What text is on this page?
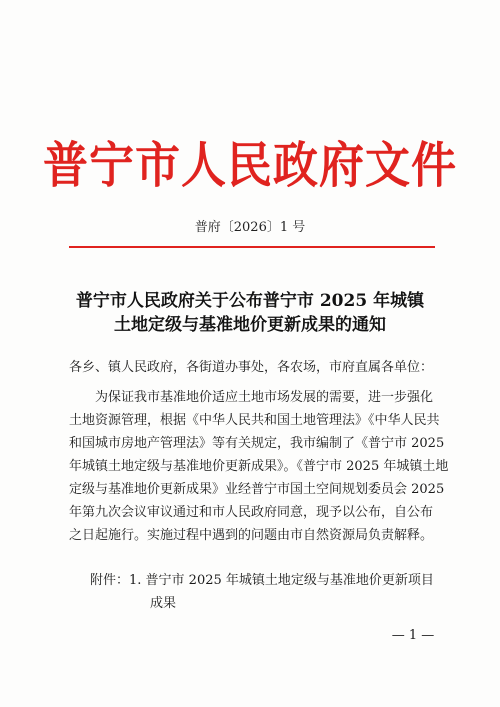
普宁市人民政府文件
普府〔2026〕1 号
普宁市人民政府关于公布普宁市 2025 年城镇
土地定级与基准地价更新成果的通知
各乡、镇人民政府，各街道办事处，各农场，市府直属各单位：
为保证我市基准地价适应土地市场发展的需要，进一步强化
土地资源管理，根据《中华人民共和国土地管理法》《中华人民共
和国城市房地产管理法》等有关规定，我市编制了《普宁市 2025
年城镇土地定级与基准地价更新成果》。《普宁市 2025 年城镇土地
定级与基准地价更新成果》业经普宁市国土空间规划委员会 2025
年第九次会议审议通过和市人民政府同意，现予以公布，自公布
之日起施行。实施过程中遇到的问题由市自然资源局负责解释。
附件：1. 普宁市 2025 年城镇土地定级与基准地价更新项目
成果
— 1 —
